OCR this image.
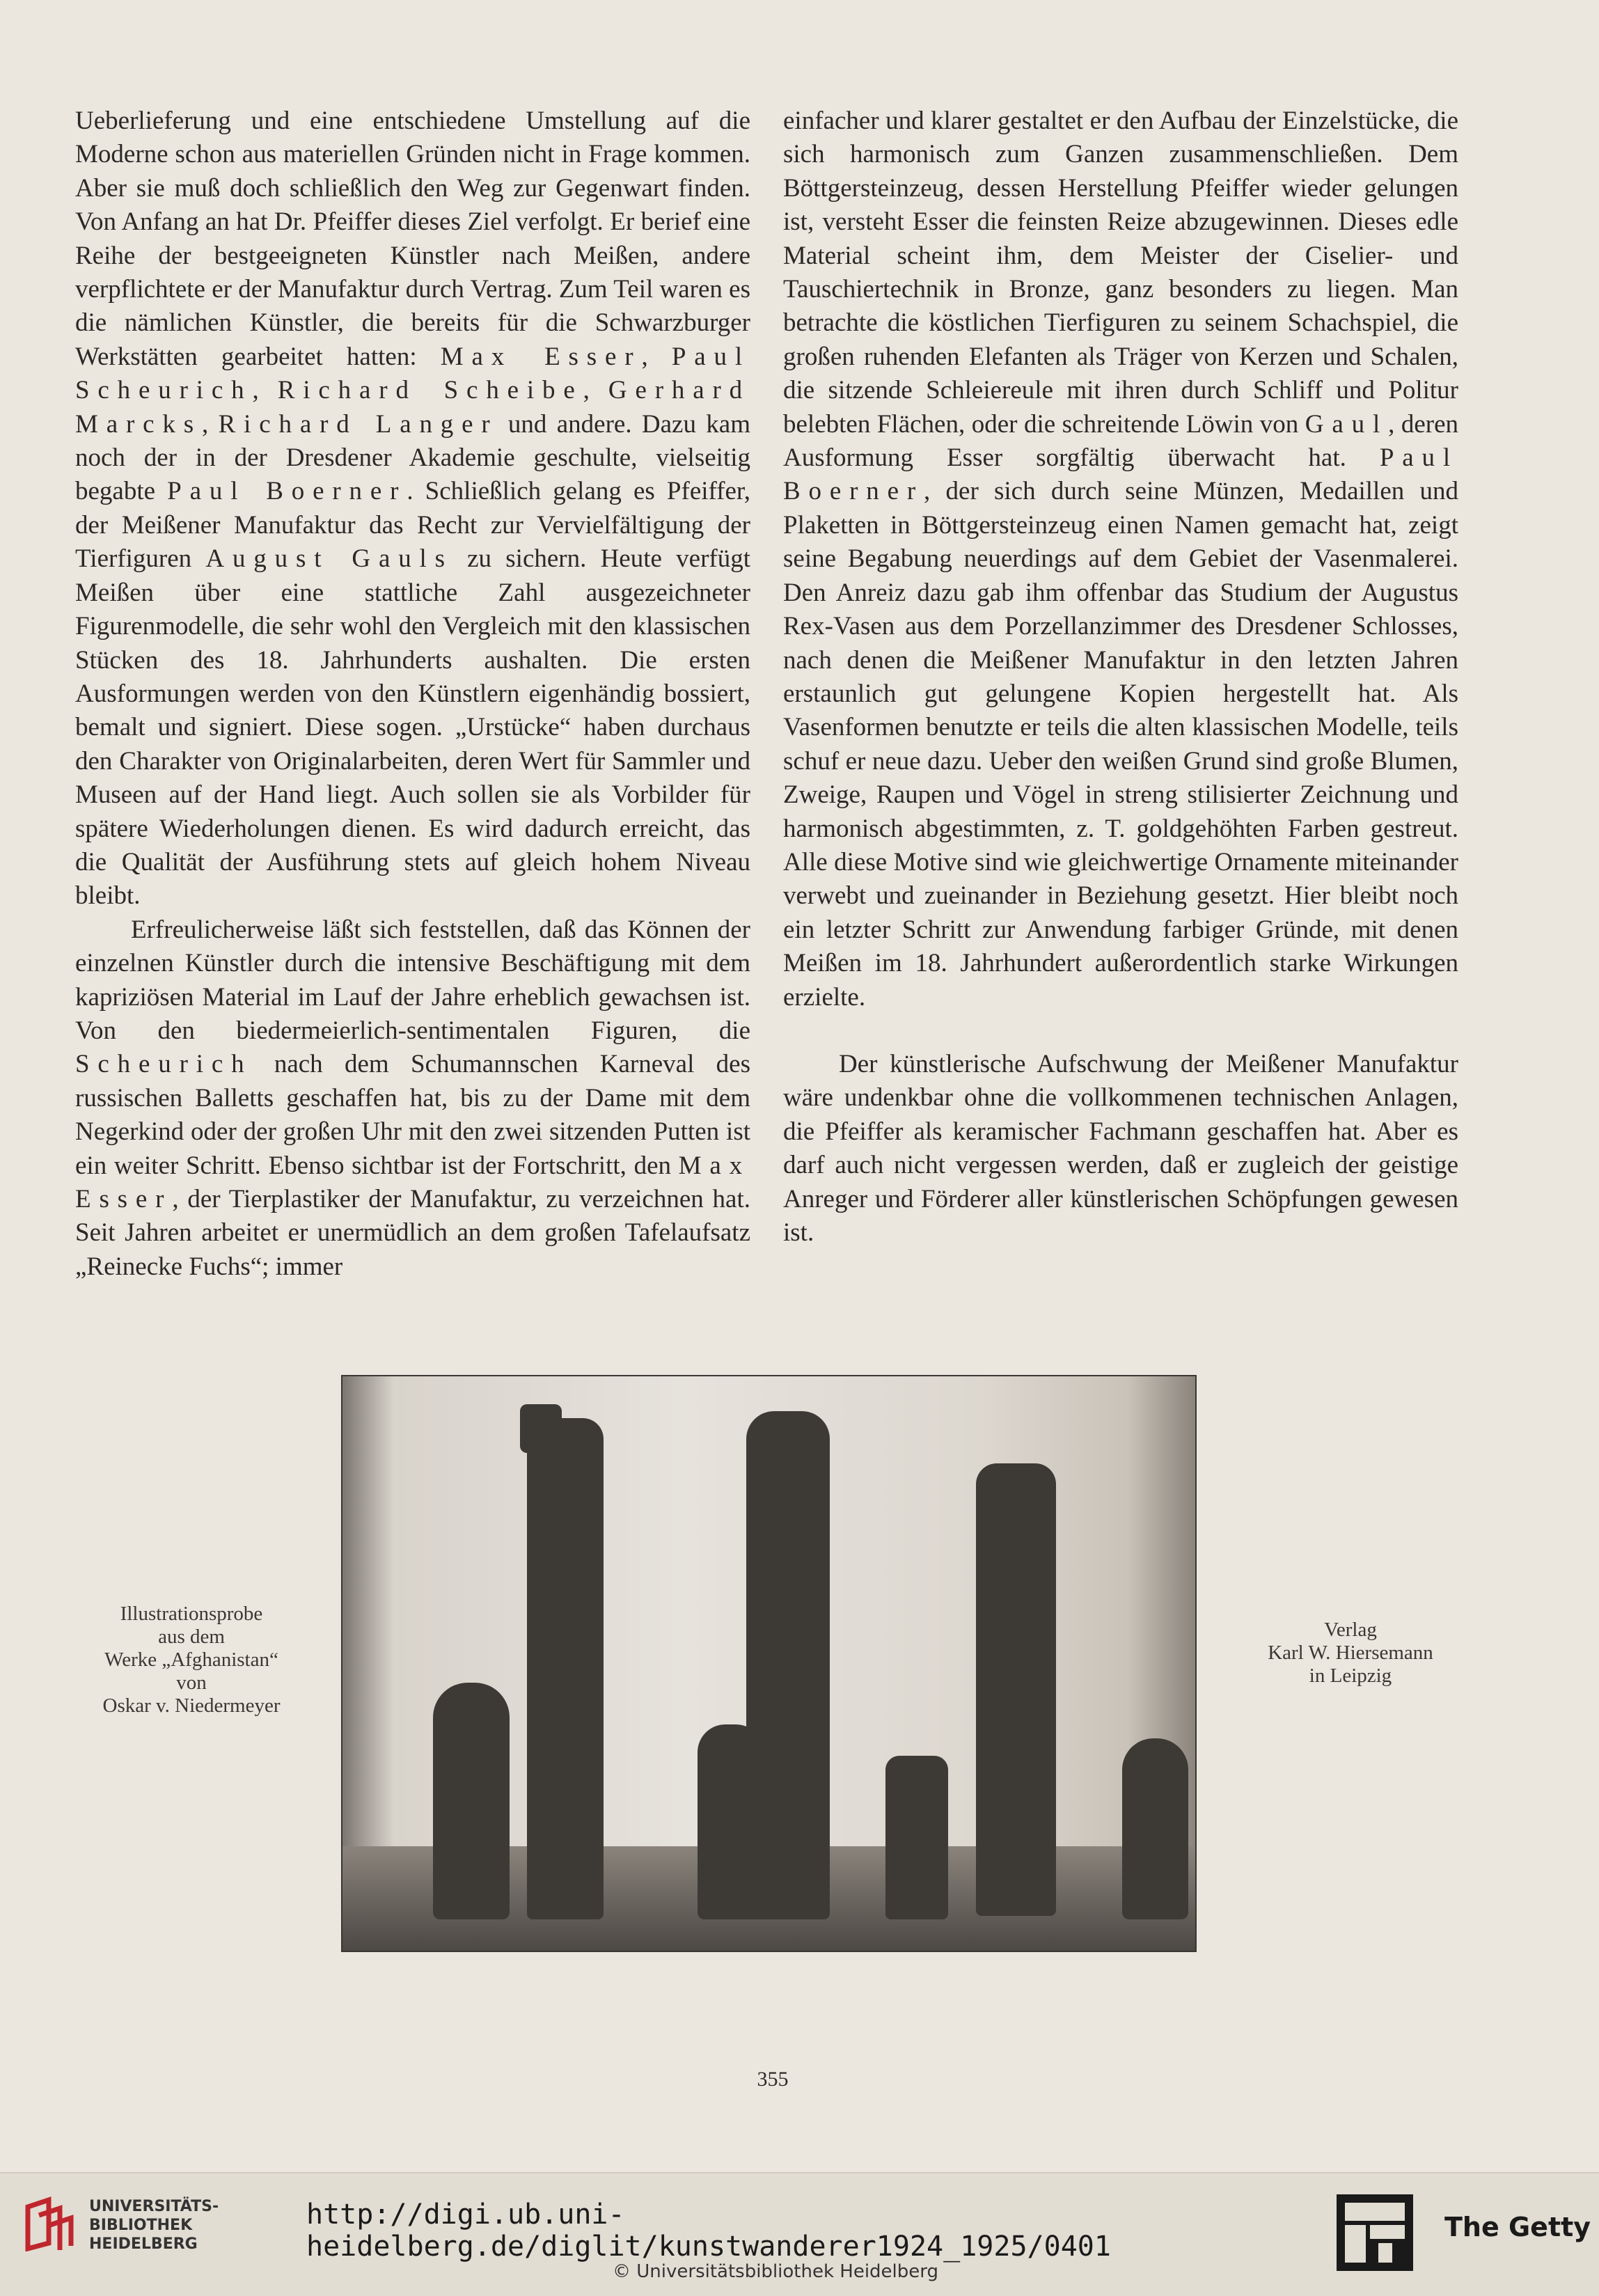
Ueberlieferung und eine entschiedene Umstellung auf die Moderne schon aus materiellen Gründen nicht in Frage kommen. Aber sie muß doch schließlich den Weg zur Gegenwart finden. Von Anfang an hat Dr. Pfeiffer dieses Ziel verfolgt. Er berief eine Reihe der bestgeeigneten Künstler nach Meißen, andere verpflichtete er der Manufaktur durch Vertrag. Zum Teil waren es die nämlichen Künstler, die bereits für die Schwarzburger Werkstätten gearbeitet hatten: Max Esser, Paul Scheurich, Richard Scheibe, Gerhard Marcks, Richard Langer und andere. Dazu kam noch der in der Dresdener Akademie geschulte, vielseitig begabte Paul Boerner. Schließlich gelang es Pfeiffer, der Meißener Manufaktur das Recht zur Vervielfältigung der Tierfiguren August Gauls zu sichern. Heute verfügt Meißen über eine stattliche Zahl ausgezeichneter Figurenmodelle, die sehr wohl den Vergleich mit den klassischen Stücken des 18. Jahrhunderts aushalten. Die ersten Ausformungen werden von den Künstlern eigenhändig bossiert, bemalt und signiert. Diese sogen. „Urstücke“ haben durchaus den Charakter von Originalarbeiten, deren Wert für Sammler und Museen auf der Hand liegt. Auch sollen sie als Vorbilder für spätere Wiederholungen dienen. Es wird dadurch erreicht, das die Qualität der Ausführung stets auf gleich hohem Niveau bleibt.

Erfreulicherweise läßt sich feststellen, daß das Können der einzelnen Künstler durch die intensive Beschäftigung mit dem kapriziösen Material im Lauf der Jahre erheblich gewachsen ist. Von den biedermeierlich-sentimentalen Figuren, die Scheurich nach dem Schumannschen Karneval des russischen Balletts geschaffen hat, bis zu der Dame mit dem Negerkind oder der großen Uhr mit den zwei sitzenden Putten ist ein weiter Schritt. Ebenso sichtbar ist der Fortschritt, den Max Esser, der Tierplastiker der Manufaktur, zu verzeichnen hat. Seit Jahren arbeitet er unermüdlich an dem großen Tafelaufsatz „Reinecke Fuchs“; immer

einfacher und klarer gestaltet er den Aufbau der Einzelstücke, die sich harmonisch zum Ganzen zusammenschließen. Dem Böttgersteinzeug, dessen Herstellung Pfeiffer wieder gelungen ist, versteht Esser die feinsten Reize abzugewinnen. Dieses edle Material scheint ihm, dem Meister der Ciselier- und Tauschiertechnik in Bronze, ganz besonders zu liegen. Man betrachte die köstlichen Tierfiguren zu seinem Schachspiel, die großen ruhenden Elefanten als Träger von Kerzen und Schalen, die sitzende Schleiereule mit ihren durch Schliff und Politur belebten Flächen, oder die schreitende Löwin von Gaul, deren Ausformung Esser sorgfältig überwacht hat. Paul Boerner, der sich durch seine Münzen, Medaillen und Plaketten in Böttgersteinzeug einen Namen gemacht hat, zeigt seine Begabung neuerdings auf dem Gebiet der Vasenmalerei. Den Anreiz dazu gab ihm offenbar das Studium der Augustus Rex-Vasen aus dem Porzellanzimmer des Dresdener Schlosses, nach denen die Meißener Manufaktur in den letzten Jahren erstaunlich gut gelungene Kopien hergestellt hat. Als Vasenformen benutzte er teils die alten klassischen Modelle, teils schuf er neue dazu. Ueber den weißen Grund sind große Blumen, Zweige, Raupen und Vögel in streng stilisierter Zeichnung und harmonisch abgestimmten, z. T. goldgehöhten Farben gestreut. Alle diese Motive sind wie gleichwertige Ornamente miteinander verwebt und zueinander in Beziehung gesetzt. Hier bleibt noch ein letzter Schritt zur Anwendung farbiger Gründe, mit denen Meißen im 18. Jahrhundert außerordentlich starke Wirkungen erzielte.

Der künstlerische Aufschwung der Meißener Manufaktur wäre undenkbar ohne die vollkommenen technischen Anlagen, die Pfeiffer als keramischer Fachmann geschaffen hat. Aber es darf auch nicht vergessen werden, daß er zugleich der geistige Anreger und Förderer aller künstlerischen Schöpfungen gewesen ist.

Illustrationsprobe
aus dem
Werke „Afghanistan“
von
Oskar v. Niedermeyer
Verlag
Karl W. Hiersemann
in Leipzig
355
UNIVERSITÄTS-
BIBLIOTHEK
HEIDELBERG
http://digi.ub.uni-heidelberg.de/diglit/kunstwanderer1924_1925/0401
© Universitätsbibliothek Heidelberg
The Getty
